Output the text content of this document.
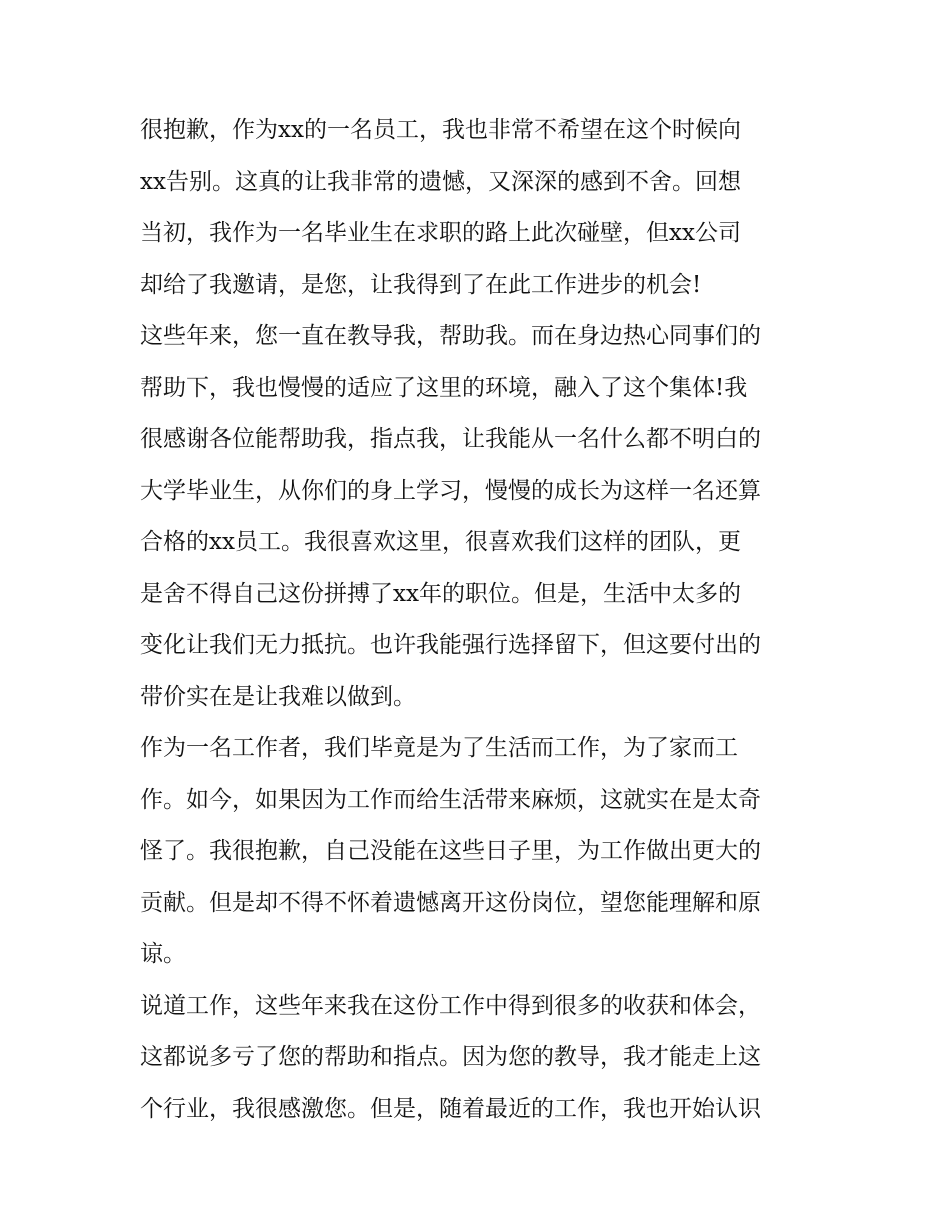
很抱歉，作为xx的一名员工，我也非常不希望在这个时候向
xx告别。这真的让我非常的遗憾，又深深的感到不舍。回想
当初，我作为一名毕业生在求职的路上此次碰壁，但xx公司
却给了我邀请，是您，让我得到了在此工作进步的机会!

这些年来，您一直在教导我，帮助我。而在身边热心同事们的
帮助下，我也慢慢的适应了这里的环境，融入了这个集体!我
很感谢各位能帮助我，指点我，让我能从一名什么都不明白的
大学毕业生，从你们的身上学习，慢慢的成长为这样一名还算
合格的xx员工。我很喜欢这里，很喜欢我们这样的团队，更
是舍不得自己这份拼搏了xx年的职位。但是，生活中太多的
变化让我们无力抵抗。也许我能强行选择留下，但这要付出的
带价实在是让我难以做到。

作为一名工作者，我们毕竟是为了生活而工作，为了家而工
作。如今，如果因为工作而给生活带来麻烦，这就实在是太奇
怪了。我很抱歉，自己没能在这些日子里，为工作做出更大的
贡献。但是却不得不怀着遗憾离开这份岗位，望您能理解和原
谅。

说道工作，这些年来我在这份工作中得到很多的收获和体会，
这都说多亏了您的帮助和指点。因为您的教导，我才能走上这
个行业，我很感激您。但是，随着最近的工作，我也开始认识
